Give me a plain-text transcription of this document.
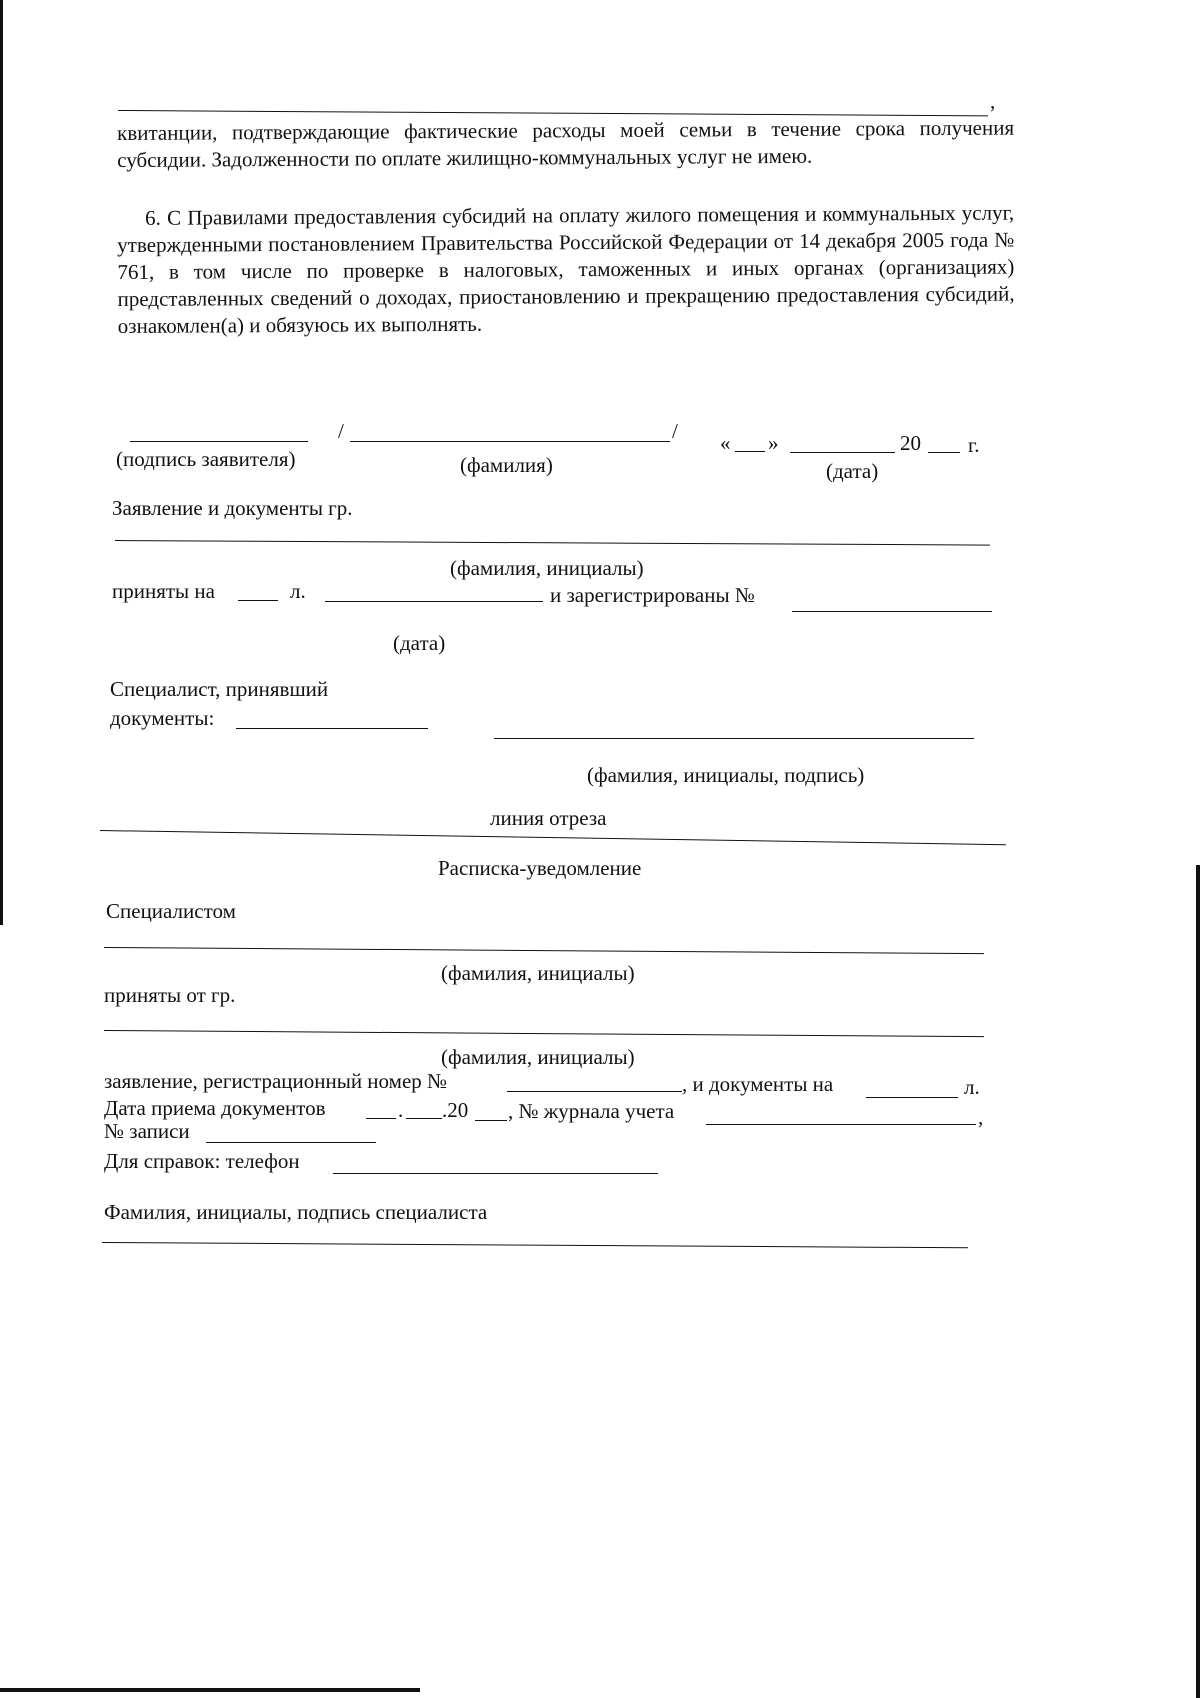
,
квитанции, подтверждающие фактические расходы моей семьи в течение срока получения субсидии. Задолженности по оплате жилищно-коммунальных услуг не имею.
6. С Правилами предоставления субсидий на оплату жилого помещения и коммунальных услуг, утвержденными постановлением Правительства Российской Федерации от 14 декабря 2005 года № 761, в том числе по проверке в налоговых, таможенных и иных органах (организациях) представленных сведений о доходах, приостановлению и прекращению предоставления субсидий, ознакомлен(а) и обязуюсь их выполнять.
/	/ « »	20 г.
(подпись заявителя)	(фамилия)	(дата)
Заявление и документы гр.
(фамилия, инициалы)
приняты на	л.	и зарегистрированы №
(дата)
Специалист, принявший
документы:
(фамилия, инициалы, подпись)
линия отреза
Расписка-уведомление
Специалистом
(фамилия, инициалы)
приняты от гр.
(фамилия, инициалы)
заявление, регистрационный номер №	, и документы на	л.
Дата приема документов	. .20 , № журнала учета	,
№ записи
Для справок: телефон
Фамилия, инициалы, подпись специалиста
